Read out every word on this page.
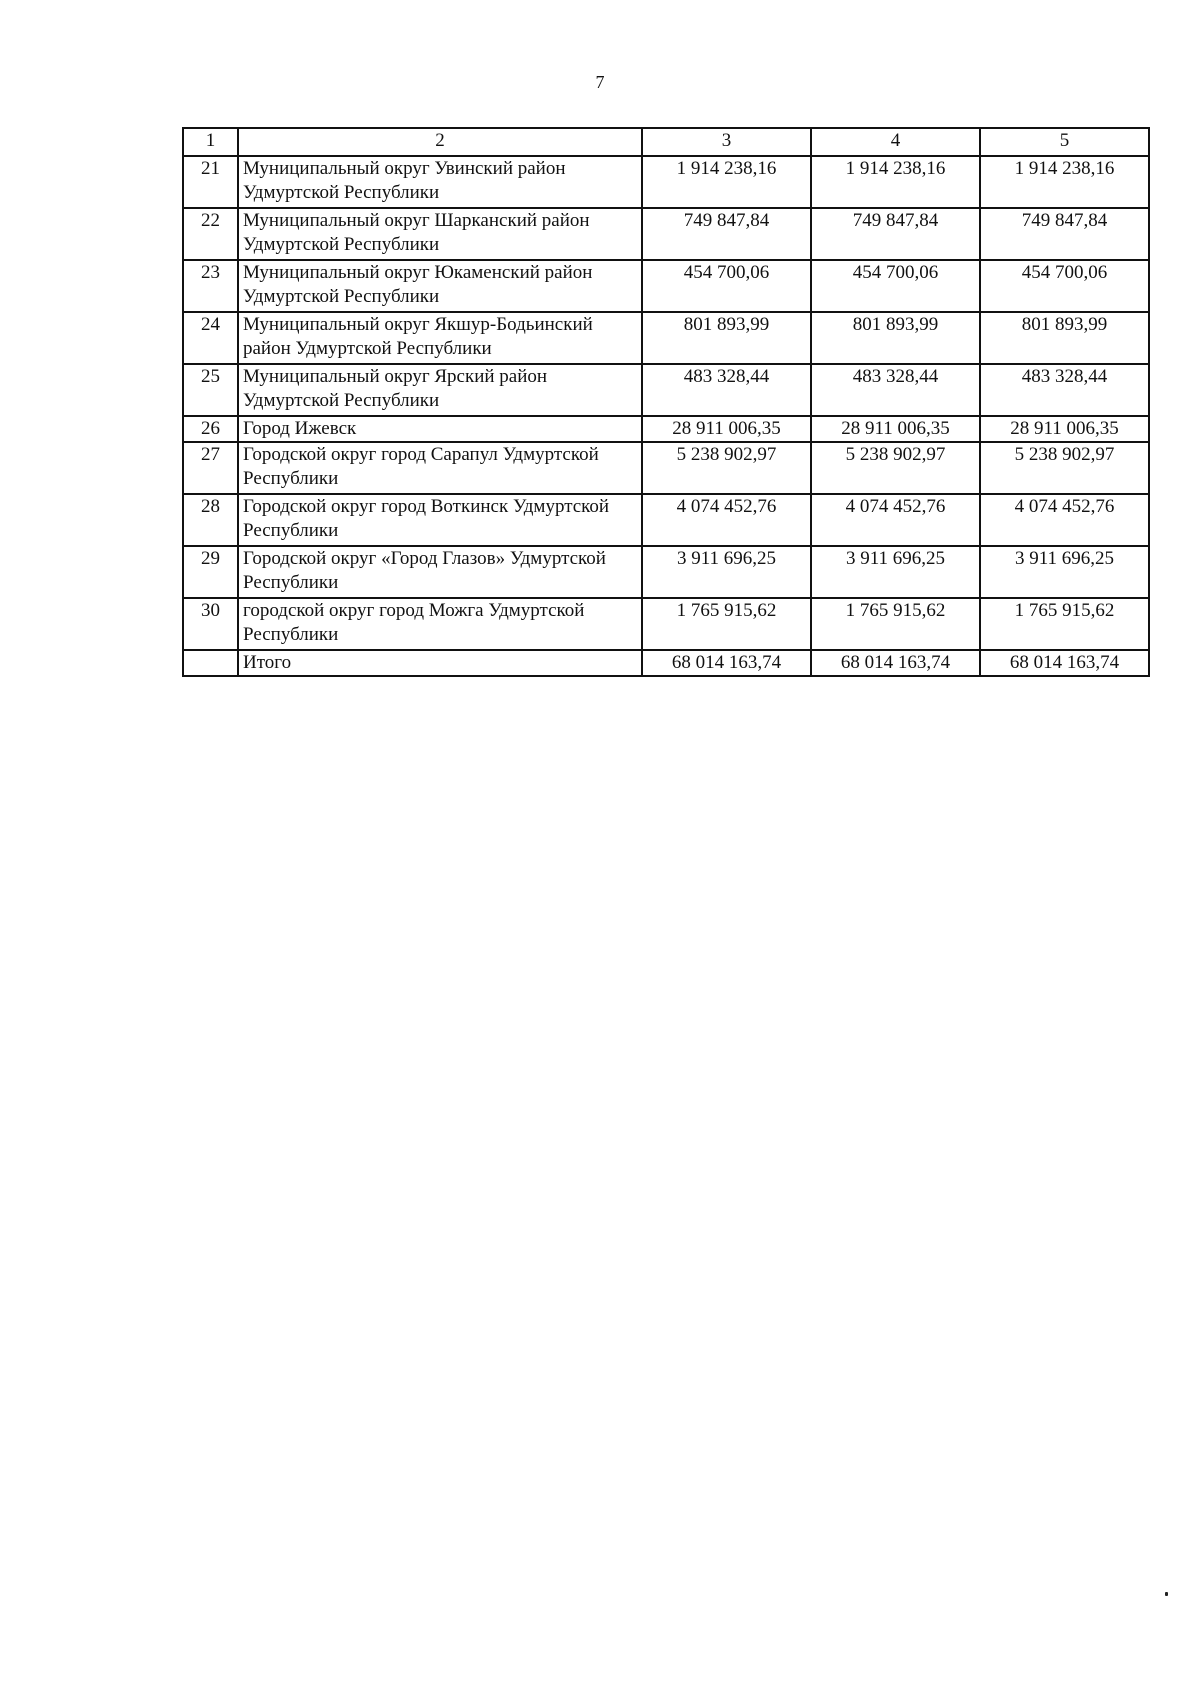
7
1	2	3	4	5
21	Муниципальный округ Увинский район Удмуртской Республики	1 914 238,16	1 914 238,16	1 914 238,16
22	Муниципальный округ Шарканский район Удмуртской Республики	749 847,84	749 847,84	749 847,84
23	Муниципальный округ Юкаменский район Удмуртской Республики	454 700,06	454 700,06	454 700,06
24	Муниципальный округ Якшур-Бодьинский район Удмуртской Республики	801 893,99	801 893,99	801 893,99
25	Муниципальный округ Ярский район Удмуртской Республики	483 328,44	483 328,44	483 328,44
26	Город Ижевск	28 911 006,35	28 911 006,35	28 911 006,35
27	Городской округ город Сарапул Удмуртской Республики	5 238 902,97	5 238 902,97	5 238 902,97
28	Городской округ город Воткинск Удмуртской Республики	4 074 452,76	4 074 452,76	4 074 452,76
29	Городской округ «Город Глазов» Удмуртской Республики	3 911 696,25	3 911 696,25	3 911 696,25
30	городской округ город Можга Удмуртской Республики	1 765 915,62	1 765 915,62	1 765 915,62
	Итого	68 014 163,74	68 014 163,74	68 014 163,74
